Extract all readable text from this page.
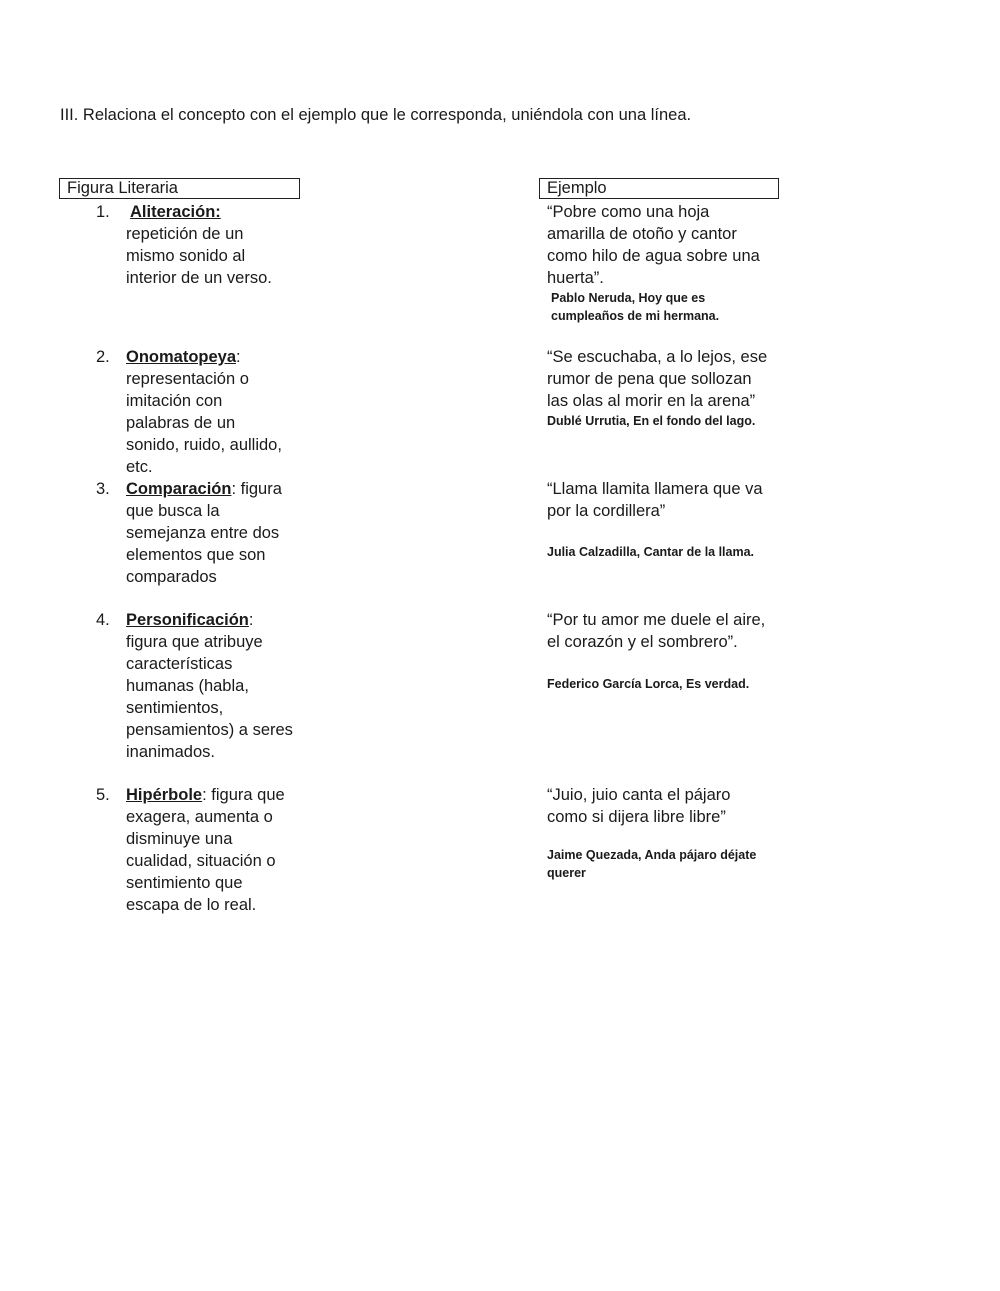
III. Relaciona el concepto con el ejemplo que le corresponda, uniéndola con una línea.
Figura Literaria	Ejemplo
1. Aliteración: repetición de un mismo sonido al interior de un verso.
2. Onomatopeya: representación o imitación con palabras de un sonido, ruido, aullido, etc.
3. Comparación: figura que busca la semejanza entre dos elementos que son comparados
4. Personificación: figura que atribuye características humanas (habla, sentimientos, pensamientos) a seres inanimados.
5. Hipérbole: figura que exagera, aumenta o disminuye una cualidad, situación o sentimiento que escapa de lo real.
“Pobre como una hoja amarilla de otoño y cantor como hilo de agua sobre una huerta”.
Pablo Neruda, Hoy que es cumpleaños de mi hermana.
“Se escuchaba, a lo lejos, ese rumor de pena que sollozan las olas al morir en la arena”
Dublé Urrutia, En el fondo del lago.
“Llama llamita llamera que va por la cordillera”
Julia Calzadilla, Cantar de la llama.
“Por tu amor me duele el aire, el corazón y el sombrero”.
Federico García Lorca, Es verdad.
“Juio, juio canta el pájaro como si dijera libre libre”
Jaime Quezada, Anda pájaro déjate querer
